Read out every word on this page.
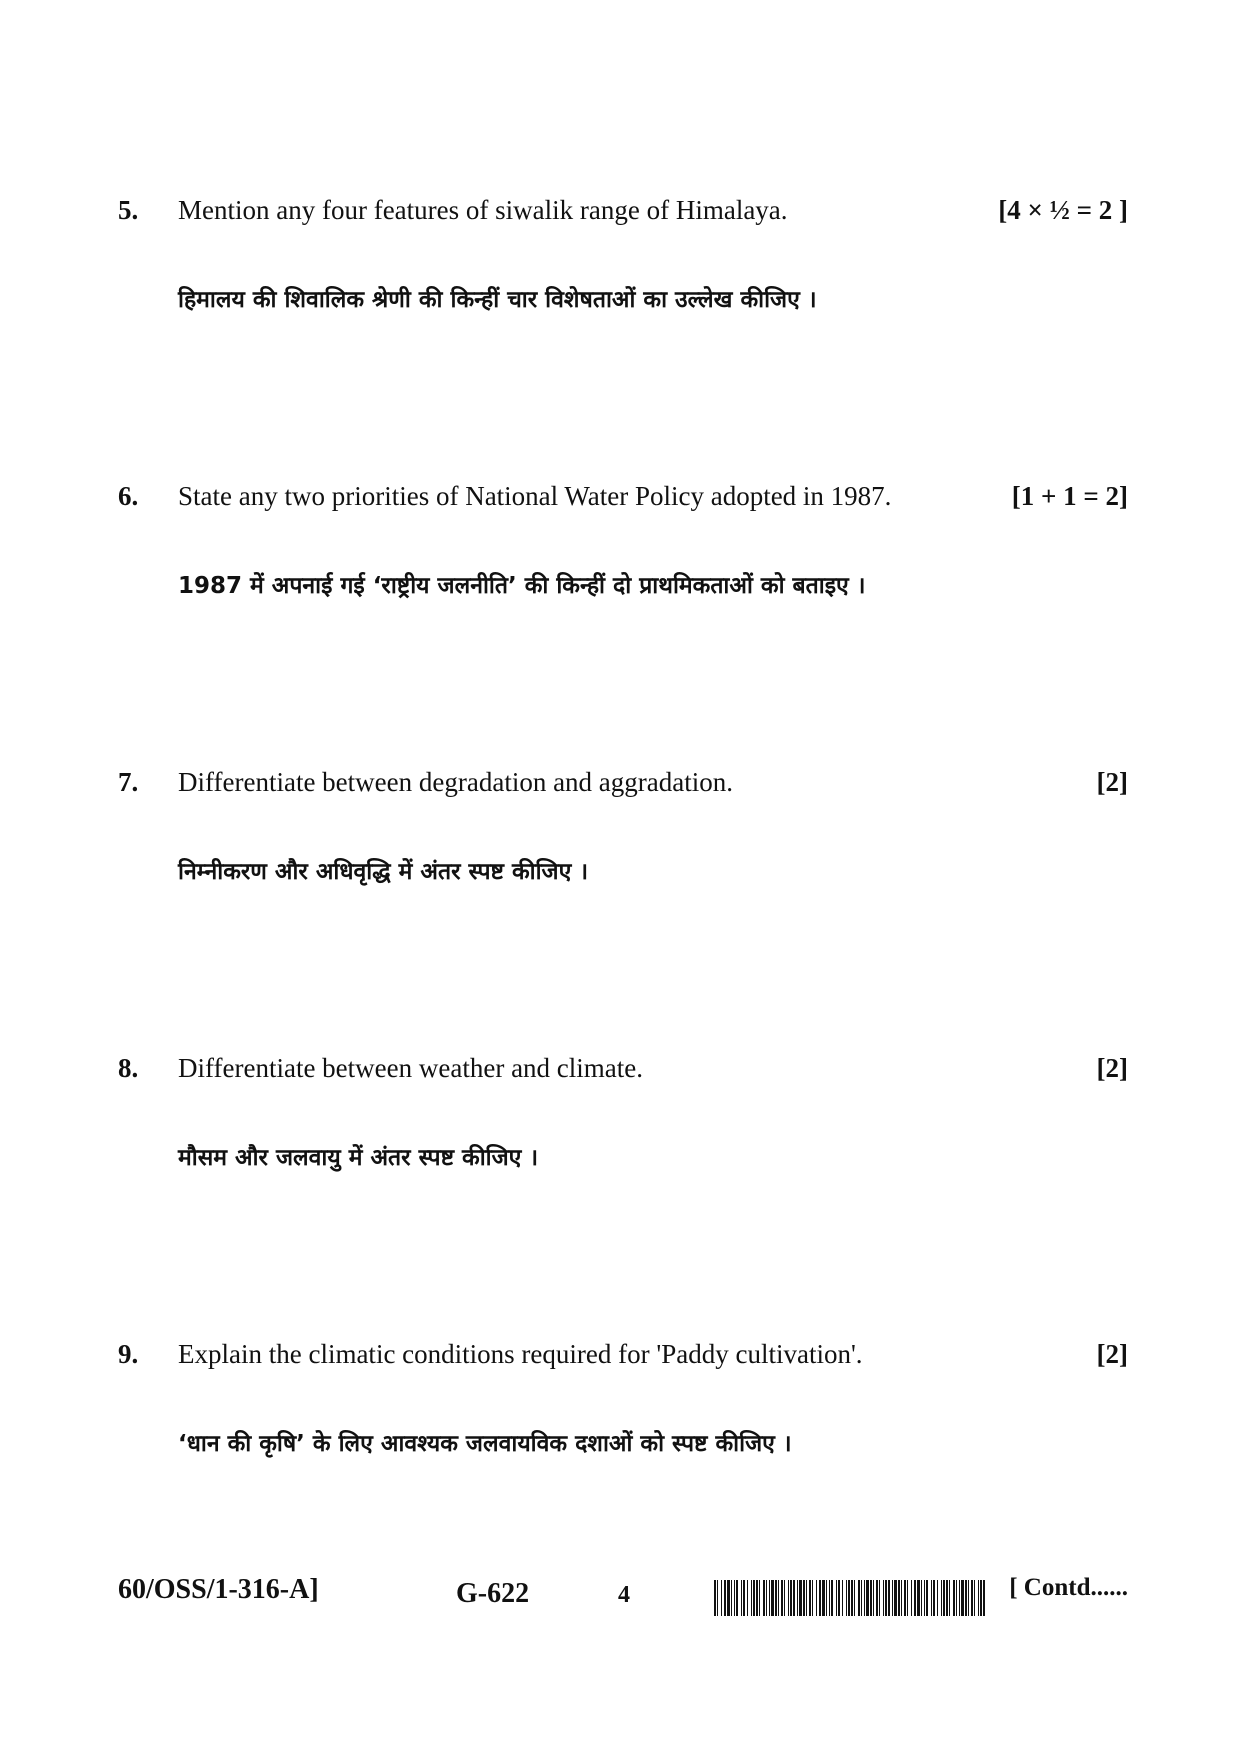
5. Mention any four features of siwalik range of Himalaya.	[4 × ½ = 2 ]
हिमालय की शिवालिक श्रेणी की किन्हीं चार विशेषताओं का उल्लेख कीजिए ।
6. State any two priorities of National Water Policy adopted in 1987.	[1 + 1 = 2]
1987 में अपनाई गई ‘राष्ट्रीय जलनीति’ की किन्हीं दो प्राथमिकताओं को बताइए ।
7. Differentiate between degradation and aggradation.	[2]
निम्नीकरण और अधिवृद्धि में अंतर स्पष्ट कीजिए ।
8. Differentiate between weather and climate.	[2]
मौसम और जलवायु में अंतर स्पष्ट कीजिए ।
9. Explain the climatic conditions required for 'Paddy cultivation'.	[2]
‘धान की कृषि’ के लिए आवश्यक जलवायविक दशाओं को स्पष्ट कीजिए ।
60/OSS/1-316-A]	G-622	4	[ Contd......
